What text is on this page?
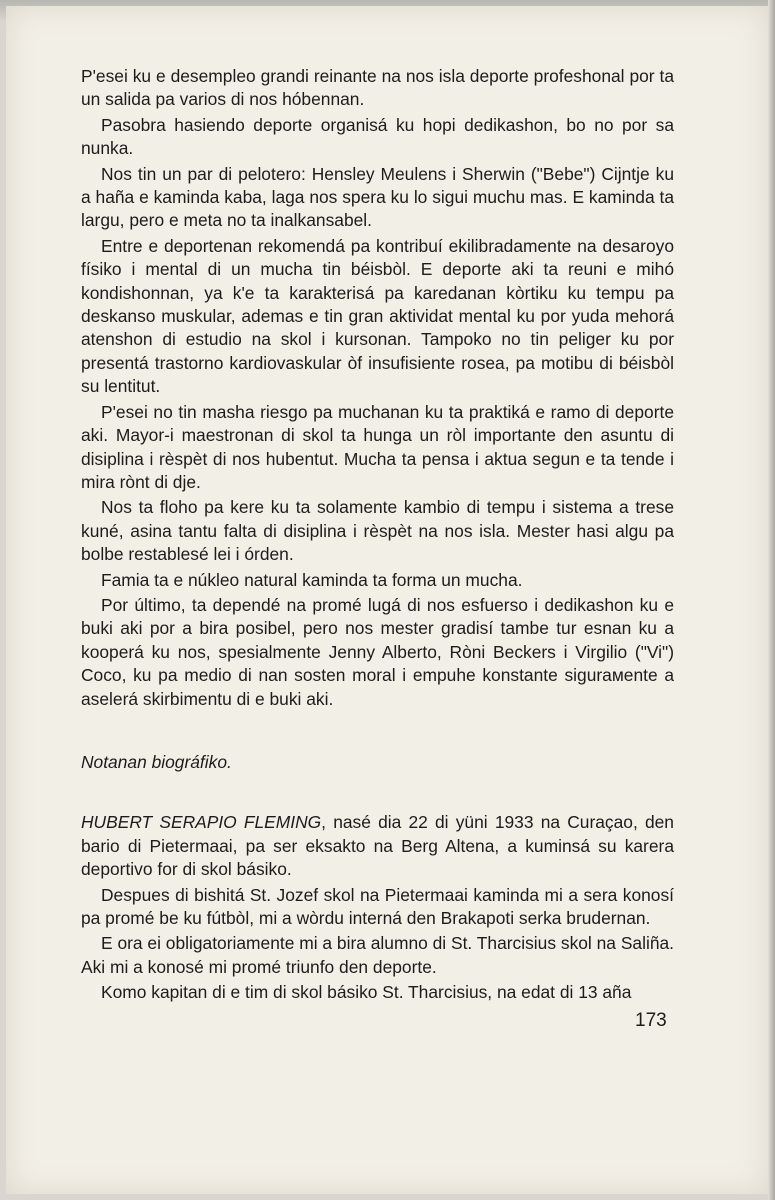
P'esei ku e desempleo grandi reinante na nos isla deporte profeshonal por ta un salida pa varios di nos hóbennan.

Pasobra hasiendo deporte organisá ku hopi dedikashon, bo no por sa nunka.

Nos tin un par di pelotero: Hensley Meulens i Sherwin ("Bebe") Cijntje ku a haña e kaminda kaba, laga nos spera ku lo sigui muchu mas. E kaminda ta largu, pero e meta no ta inalkansabel.

Entre e deportenan rekomendá pa kontribuí ekilibradamente na desaroyo físiko i mental di un mucha tin béisbòl. E deporte aki ta reuni e mihó kondishonnan, ya k'e ta karakterisá pa karedanan kòrtiku ku tempu pa deskanso muskular, ademas e tin gran aktividat mental ku por yuda mehorá atenshon di estudio na skol i kursonan. Tampoko no tin peliger ku por presentá trastorno kardiovaskular òf insufisiente rosea, pa motibu di béisbòl su lentitut.

P'esei no tin masha riesgo pa muchanan ku ta praktiká e ramo di deporte aki. Mayor-i maestronan di skol ta hunga un ròl importante den asuntu di disiplina i rèspèt di nos hubentut. Mucha ta pensa i aktua segun e ta tende i mira rònt di dje.

Nos ta floho pa kere ku ta solamente kambio di tempu i sistema a trese kuné, asina tantu falta di disiplina i rèspèt na nos isla. Mester hasi algu pa bolbe restablesé lei i órden.

Famia ta e núkleo natural kaminda ta forma un mucha.

Por último, ta dependé na promé lugá di nos esfuerso i dedikashon ku e buki aki por a bira posibel, pero nos mester gradisí tambe tur esnan ku a kooperá ku nos, spesialmente Jenny Alberto, Ròni Beckers i Virgilio ("Vi") Coco, ku pa medio di nan sosten moral i empuhe konstante sigurамente a aselerá skirbimentu di e buki aki.

Notanan biográfiko.

HUBERT SERAPIO FLEMING, nasé dia 22 di yüni 1933 na Curaçao, den bario di Pietermaai, pa ser eksakto na Berg Altena, a kuminsá su karera deportivo for di skol básiko.

Despues di bishitá St. Jozef skol na Pietermaai kaminda mi a sera konosí pa promé be ku fútbòl, mi a wòrdu interná den Brakapoti serka brudernan.

E ora ei obligatoriamente mi a bira alumno di St. Tharcisius skol na Saliña. Aki mi a konosé mi promé triunfo den deporte.

Komo kapitan di e tim di skol básiko St. Tharcisius, na edat di 13 aña

173
